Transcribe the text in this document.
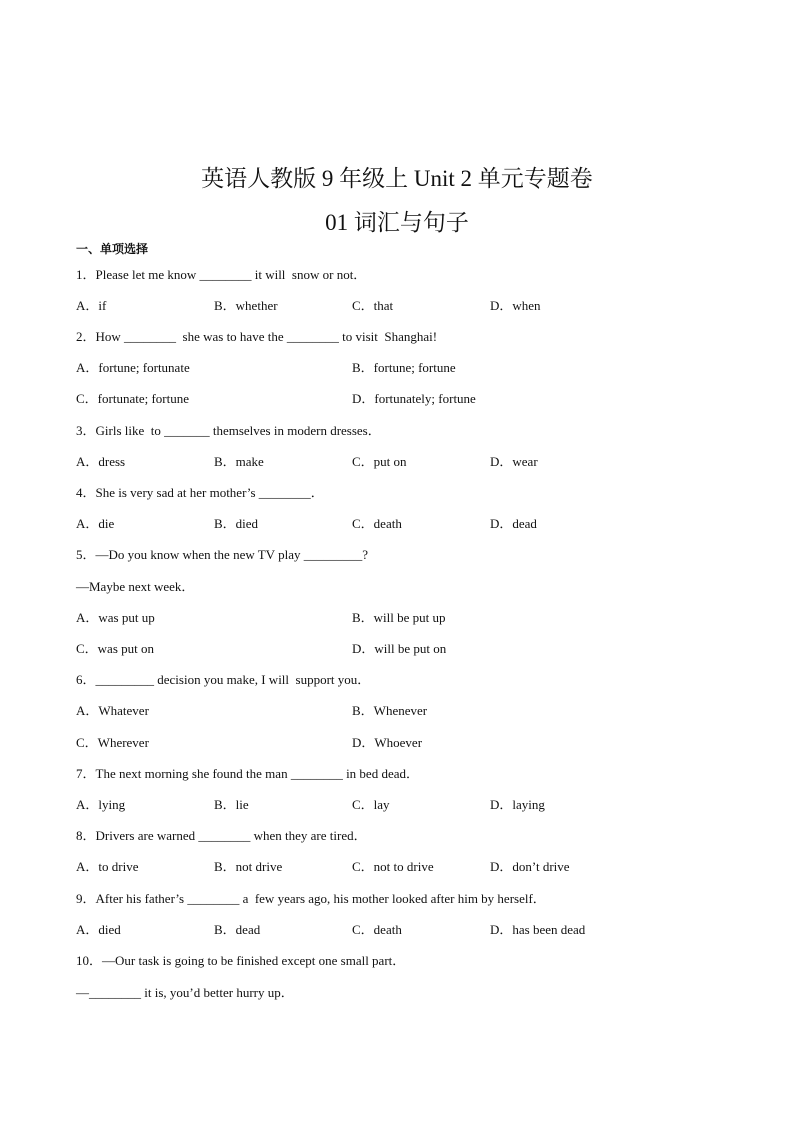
英语人教版 9 年级上 Unit 2 单元专题卷
01 词汇与句子
一、单项选择
1．Please let me know ________ it will  snow or not．
A．if	B．whether	C．that	D．when
2．How ________  she was to have the ________ to visit  Shanghai!
A．fortune; fortunate	B．fortune; fortune
C．fortunate; fortune	D．fortunately; fortune
3．Girls like  to _______ themselves in modern dresses．
A．dress	B．make	C．put on	D．wear
4．She is very sad at her mother’s ________．
A．die	B．died	C．death	D．dead
5．—Do you know when the new TV play _________?
—Maybe next week．
A．was put up	B．will be put up
C．was put on	D．will be put on
6．_________ decision you make, I will  support you．
A．Whatever	B．Whenever
C．Wherever	D．Whoever
7．The next morning she found the man ________ in bed dead．
A．lying	B．lie	C．lay	D．laying
8．Drivers are warned ________ when they are tired．
A．to drive	B．not drive	C．not to drive	D．don’t drive
9．After his father’s ________ a  few years ago, his mother looked after him by herself．
A．died	B．dead	C．death	D．has been dead
10．—Our task is going to be finished except one small part．
—________ it is, you’d better hurry up．
